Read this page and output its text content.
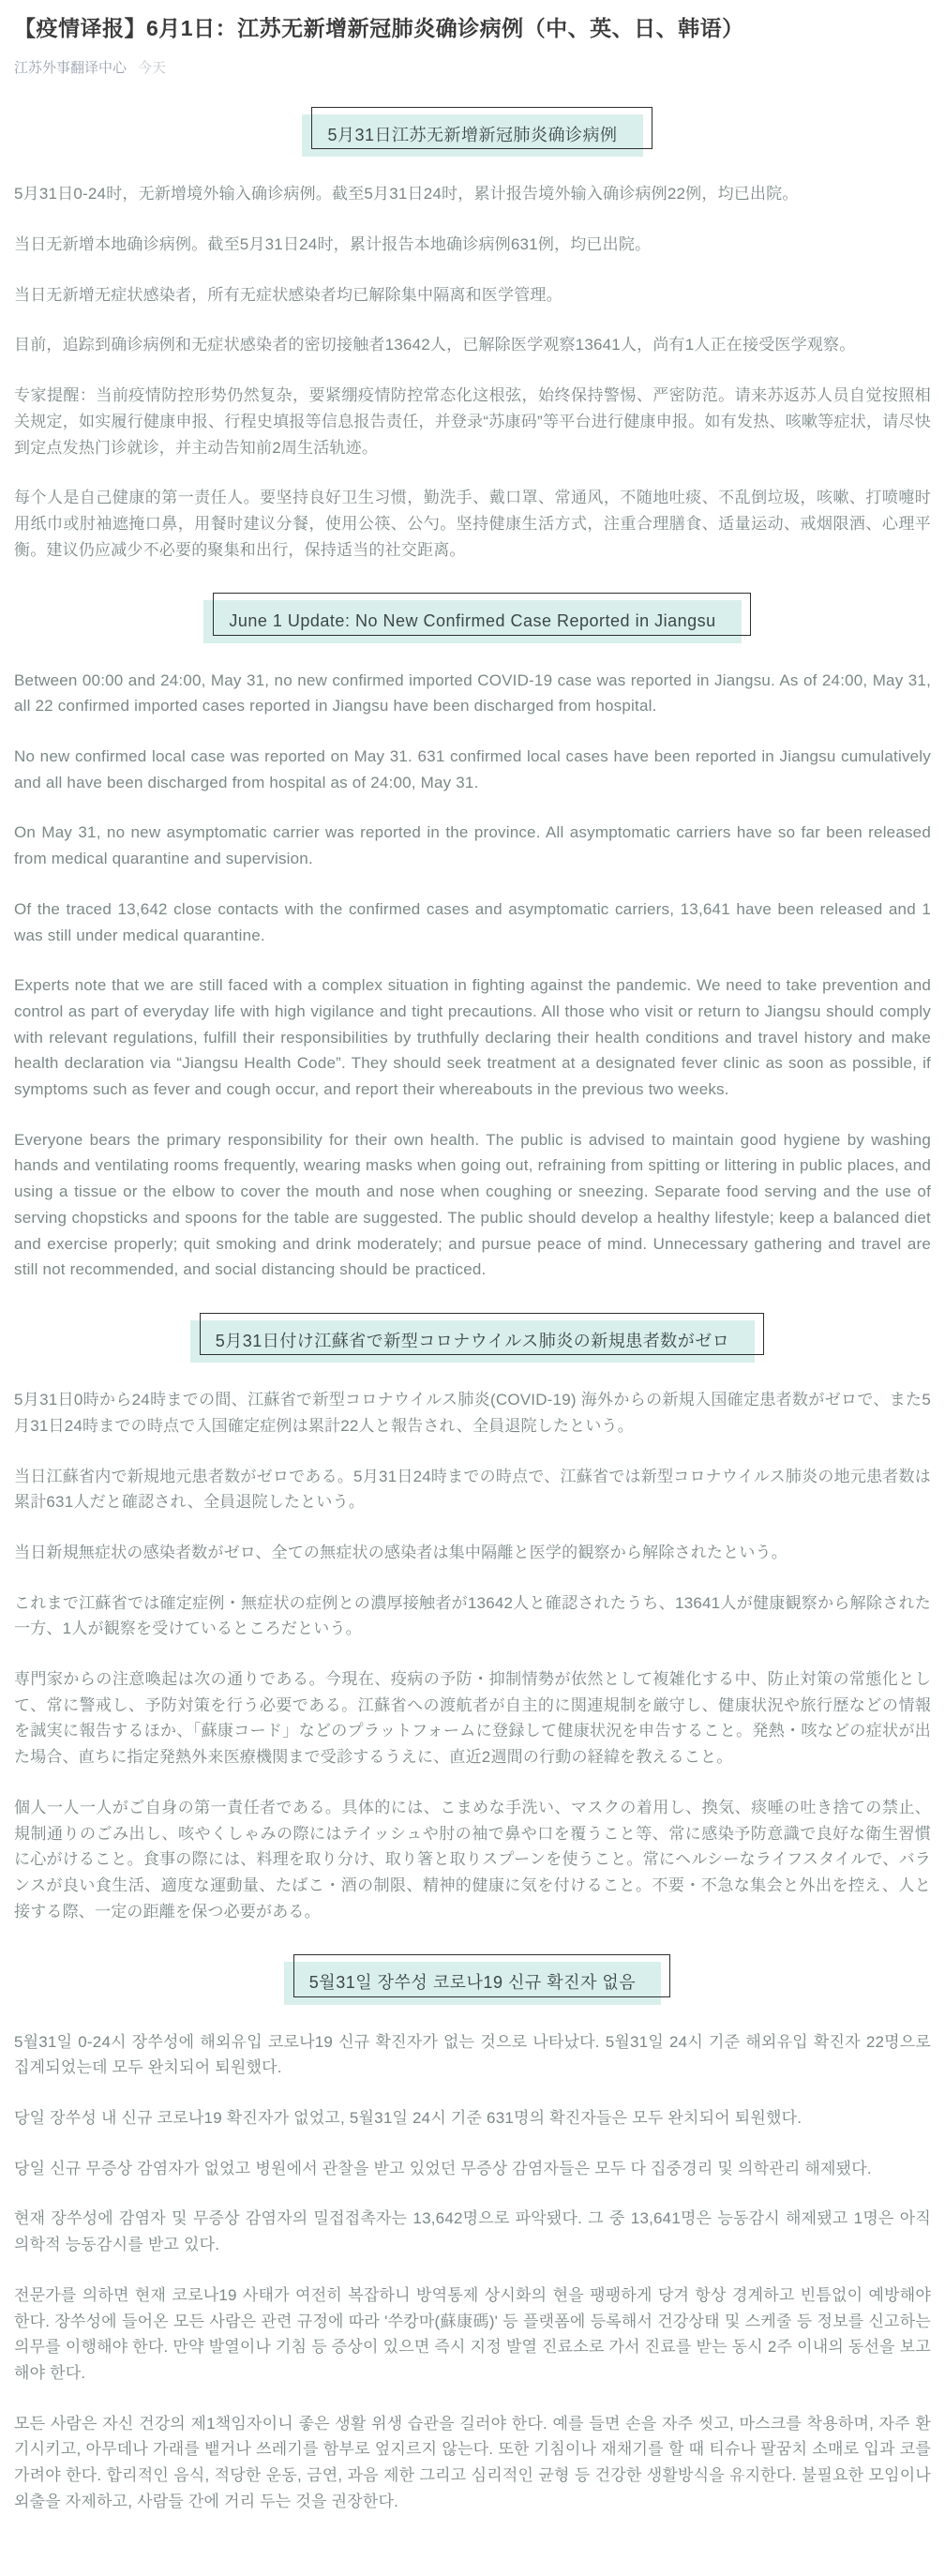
【疫情译报】6月1日：江苏无新增新冠肺炎确诊病例（中、英、日、韩语）
江苏外事翻译中心 今天
5月31日江苏无新增新冠肺炎确诊病例

5月31日0-24时，无新增境外输入确诊病例。截至5月31日24时，累计报告境外输入确诊病例22例，均已出院。

当日无新增本地确诊病例。截至5月31日24时，累计报告本地确诊病例631例，均已出院。

当日无新增无症状感染者，所有无症状感染者均已解除集中隔离和医学管理。

目前，追踪到确诊病例和无症状感染者的密切接触者13642人，已解除医学观察13641人，尚有1人正在接受医学观察。

专家提醒：当前疫情防控形势仍然复杂，要紧绷疫情防控常态化这根弦，始终保持警惕、严密防范。请来苏返苏人员自觉按照相关规定，如实履行健康申报、行程史填报等信息报告责任，并登录“苏康码”等平台进行健康申报。如有发热、咳嗽等症状，请尽快到定点发热门诊就诊，并主动告知前2周生活轨迹。

每个人是自己健康的第一责任人。要坚持良好卫生习惯，勤洗手、戴口罩、常通风，不随地吐痰、不乱倒垃圾，咳嗽、打喷嚏时用纸巾或肘袖遮掩口鼻，用餐时建议分餐，使用公筷、公勺。坚持健康生活方式，注重合理膳食、适量运动、戒烟限酒、心理平衡。建议仍应减少不必要的聚集和出行，保持适当的社交距离。

June 1 Update: No New Confirmed Case Reported in Jiangsu

Between 00:00 and 24:00, May 31, no new confirmed imported COVID-19 case was reported in Jiangsu. As of 24:00, May 31, all 22 confirmed imported cases reported in Jiangsu have been discharged from hospital.

No new confirmed local case was reported on May 31. 631 confirmed local cases have been reported in Jiangsu cumulatively and all have been discharged from hospital as of 24:00, May 31.

On May 31, no new asymptomatic carrier was reported in the province. All asymptomatic carriers have so far been released from medical quarantine and supervision.

Of the traced 13,642 close contacts with the confirmed cases and asymptomatic carriers, 13,641 have been released and 1 was still under medical quarantine.

Experts note that we are still faced with a complex situation in fighting against the pandemic. We need to take prevention and control as part of everyday life with high vigilance and tight precautions. All those who visit or return to Jiangsu should comply with relevant regulations, fulfill their responsibilities by truthfully declaring their health conditions and travel history and make health declaration via “Jiangsu Health Code”. They should seek treatment at a designated fever clinic as soon as possible, if symptoms such as fever and cough occur, and report their whereabouts in the previous two weeks.

Everyone bears the primary responsibility for their own health. The public is advised to maintain good hygiene by washing hands and ventilating rooms frequently, wearing masks when going out, refraining from spitting or littering in public places, and using a tissue or the elbow to cover the mouth and nose when coughing or sneezing. Separate food serving and the use of serving chopsticks and spoons for the table are suggested. The public should develop a healthy lifestyle; keep a balanced diet and exercise properly; quit smoking and drink moderately; and pursue peace of mind. Unnecessary gathering and travel are still not recommended, and social distancing should be practiced.

5月31日付け江蘇省で新型コロナウイルス肺炎の新規患者数がゼロ

5月31日0時から24時までの間、江蘇省で新型コロナウイルス肺炎(COVID-19) 海外からの新規入国確定患者数がゼロで、また5月31日24時までの時点で入国確定症例は累計22人と報告され、全員退院したという。

当日江蘇省内で新規地元患者数がゼロである。5月31日24時までの時点で、江蘇省では新型コロナウイルス肺炎の地元患者数は累計631人だと確認され、全員退院したという。

当日新規無症状の感染者数がゼロ、全ての無症状の感染者は集中隔離と医学的観察から解除されたという。

これまで江蘇省では確定症例・無症状の症例との濃厚接触者が13642人と確認されたうち、13641人が健康観察から解除された一方、1人が観察を受けているところだという。

専門家からの注意喚起は次の通りである。今現在、疫病の予防・抑制情勢が依然として複雑化する中、防止対策の常態化として、常に警戒し、予防対策を行う必要である。江蘇省への渡航者が自主的に関連規制を厳守し、健康状況や旅行歴などの情報を誠実に報告するほか、「蘇康コード」などのプラットフォームに登録して健康状況を申告すること。発熱・咳などの症状が出た場合、直ちに指定発熱外来医療機関まで受診するうえに、直近2週間の行動の経緯を教えること。

個人一人一人がご自身の第一責任者である。具体的には、こまめな手洗い、マスクの着用し、換気、痰唾の吐き捨ての禁止、規制通りのごみ出し、咳やくしゃみの際にはテイッシュや肘の袖で鼻や口を覆うこと等、常に感染予防意識で良好な衛生習慣に心がけること。食事の際には、料理を取り分け、取り箸と取りスプーンを使うこと。常にヘルシーなライフスタイルで、バランスが良い食生活、適度な運動量、たばこ・酒の制限、精神的健康に気を付けること。不要・不急な集会と外出を控え、人と接する際、一定の距離を保つ必要がある。

5월31일 장쑤성 코로나19 신규 확진자 없음

5월31일 0-24시 장쑤성에 해외유입 코로나19 신규 확진자가 없는 것으로 나타났다. 5월31일 24시 기준 해외유입 확진자 22명으로 집계되었는데 모두 완치되어 퇴원했다.

당일 장쑤성 내 신규 코로나19 확진자가 없었고, 5월31일 24시 기준 631명의 확진자들은 모두 완치되어 퇴원했다.

당일 신규 무증상 감염자가 없었고 병원에서 관찰을 받고 있었던 무증상 감염자들은 모두 다 집중경리 및 의학관리 해제됐다.

현재 장쑤성에 감염자 및 무증상 감염자의 밀접접촉자는 13,642명으로 파악됐다. 그 중 13,641명은 능동감시 해제됐고 1명은 아직 의학적 능동감시를 받고 있다.

전문가를 의하면 현재 코로나19 사태가 여전히 복잡하니 방역통제 상시화의 현을 팽팽하게 당겨 항상 경계하고 빈틈없이 예방해야 한다. 장쑤성에 들어온 모든 사람은 관련 규정에 따라 '쑤캉마(蘇康碼)' 등 플랫폼에 등록해서 건강상태 및 스케줄 등 정보를 신고하는 의무를 이행해야 한다. 만약 발열이나 기침 등 증상이 있으면 즉시 지정 발열 진료소로 가서 진료를 받는 동시 2주 이내의 동선을 보고해야 한다.

모든 사람은 자신 건강의 제1책임자이니 좋은 생활 위생 습관을 길러야 한다. 예를 들면 손을 자주 씻고, 마스크를 착용하며, 자주 환기시키고, 아무데나 가래를 뱉거나 쓰레기를 함부로 엎지르지 않는다. 또한 기침이나 재채기를 할 때 티슈나 팔꿈치 소매로 입과 코를 가려야 한다. 합리적인 음식, 적당한 운동, 금연, 과음 제한 그리고 심리적인 균형 등 건강한 생활방식을 유지한다. 불필요한 모임이나 외출을 자제하고, 사람들 간에 거리 두는 것을 권장한다.
